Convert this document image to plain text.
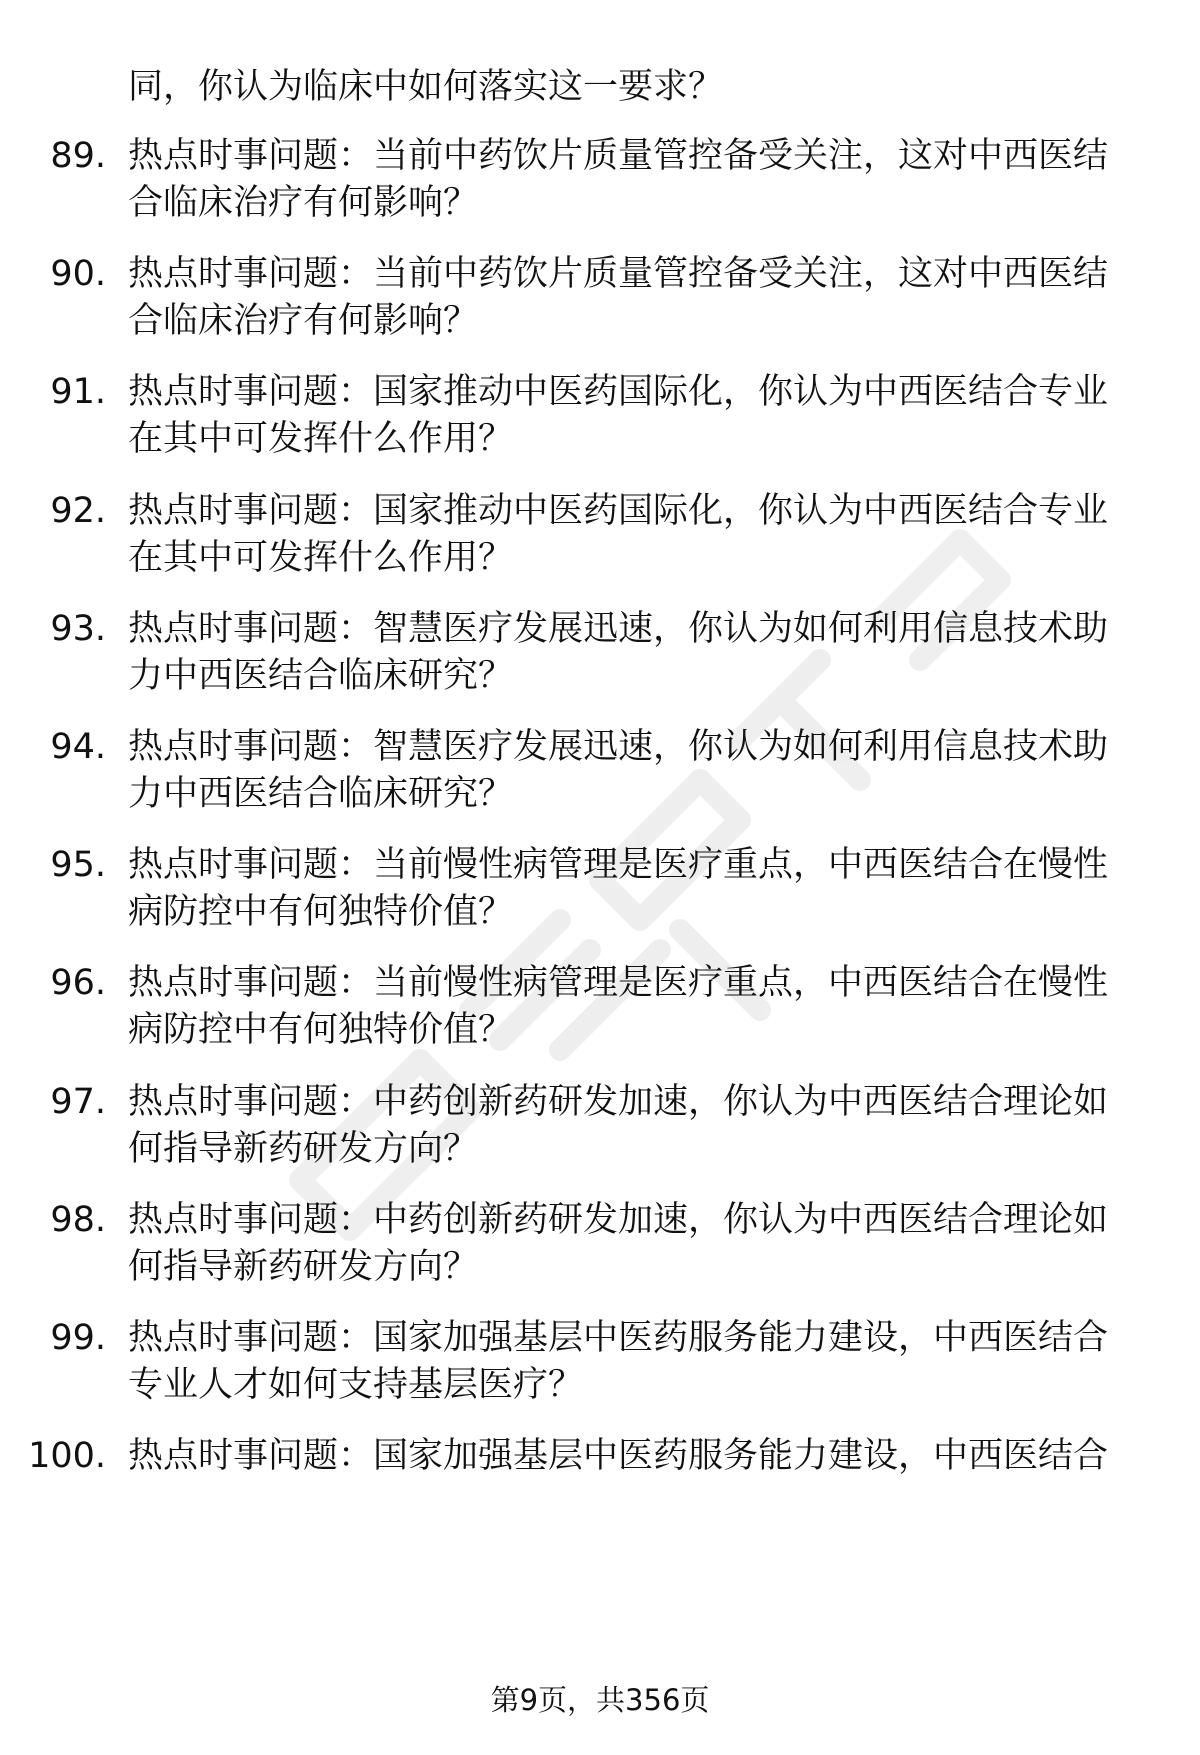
同，你认为临床中如何落实这一要求？
89. 热点时事问题：当前中药饮片质量管控备受关注，这对中西医结
合临床治疗有何影响？
90. 热点时事问题：当前中药饮片质量管控备受关注，这对中西医结
合临床治疗有何影响？
91. 热点时事问题：国家推动中医药国际化，你认为中西医结合专业
在其中可发挥什么作用？
92. 热点时事问题：国家推动中医药国际化，你认为中西医结合专业
在其中可发挥什么作用？
93. 热点时事问题：智慧医疗发展迅速，你认为如何利用信息技术助
力中西医结合临床研究？
94. 热点时事问题：智慧医疗发展迅速，你认为如何利用信息技术助
力中西医结合临床研究？
95. 热点时事问题：当前慢性病管理是医疗重点，中西医结合在慢性
病防控中有何独特价值？
96. 热点时事问题：当前慢性病管理是医疗重点，中西医结合在慢性
病防控中有何独特价值？
97. 热点时事问题：中药创新药研发加速，你认为中西医结合理论如
何指导新药研发方向？
98. 热点时事问题：中药创新药研发加速，你认为中西医结合理论如
何指导新药研发方向？
99. 热点时事问题：国家加强基层中医药服务能力建设，中西医结合
专业人才如何支持基层医疗？
100. 热点时事问题：国家加强基层中医药服务能力建设，中西医结合
第9页，共356页
